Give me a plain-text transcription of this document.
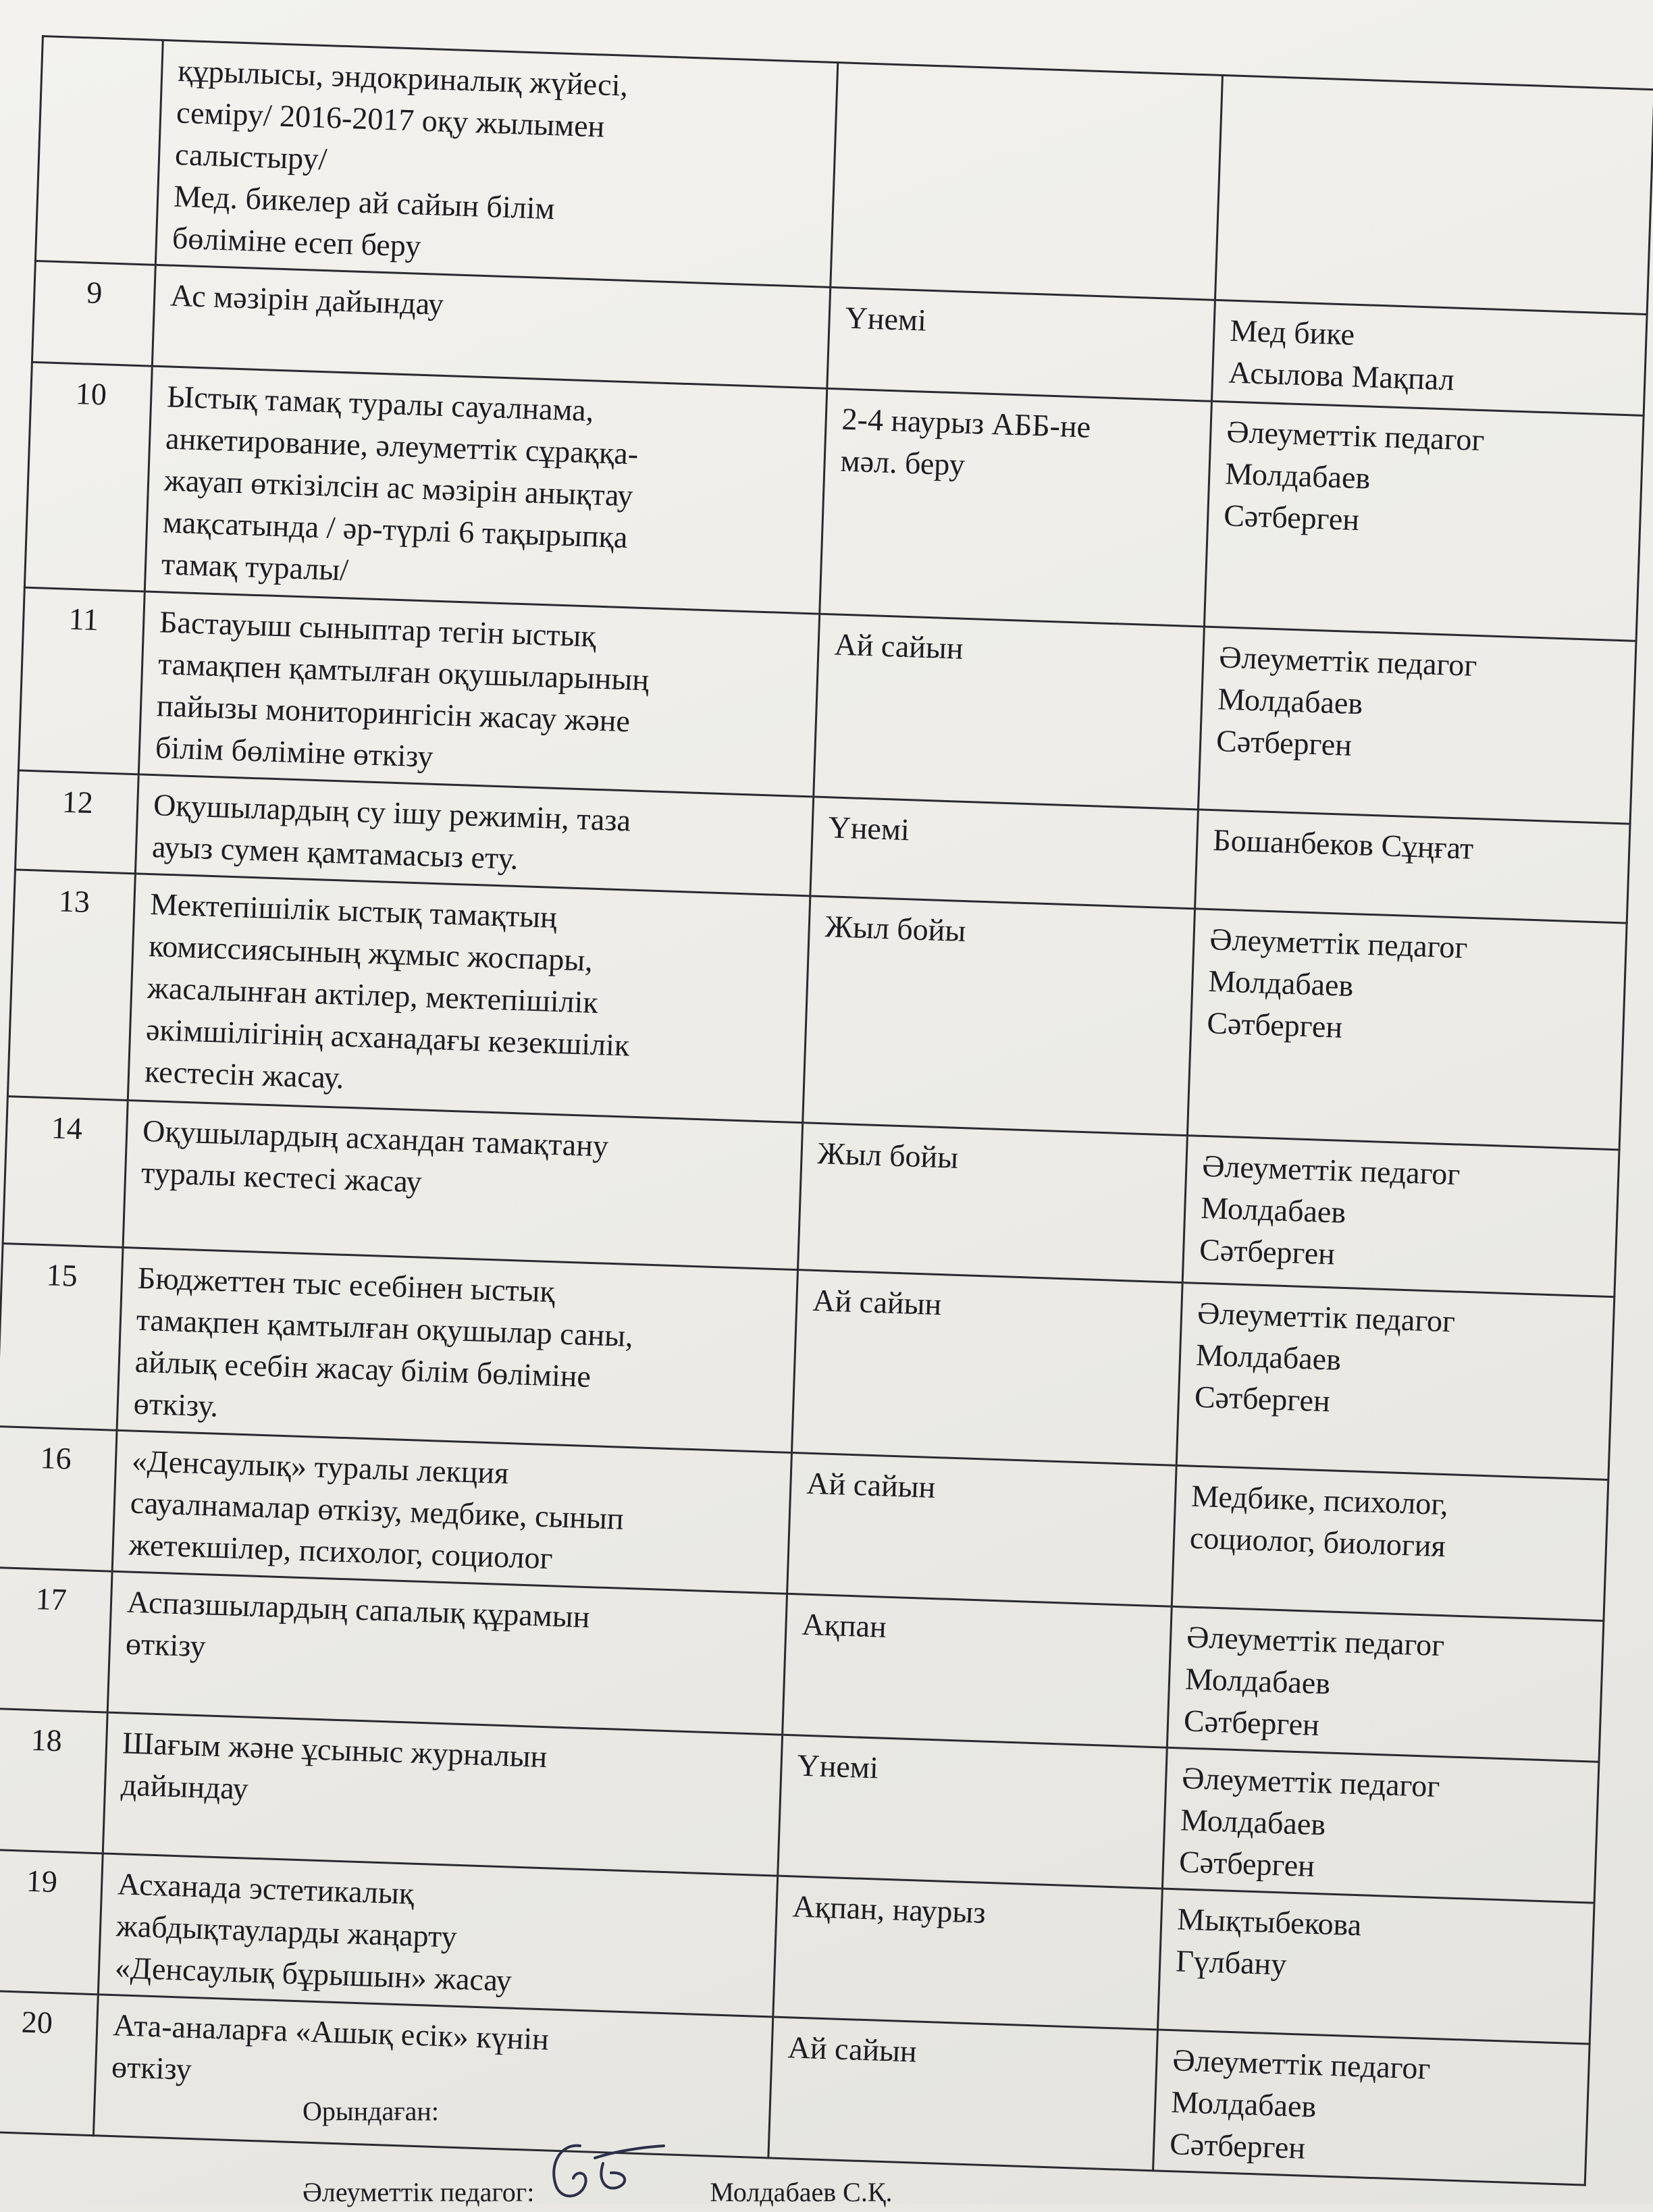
	құрылысы, эндокриналық жүйесі,
семіру/ 2016-2017 оқу жылымен
салыстыру/
Мед. бикелер ай сайын білім
бөліміне есеп беру		
9	Ас мәзірін дайындау	Үнемі	Мед бике
Асылова Мақпал
10	Ыстық тамақ туралы сауалнама,
анкетирование, әлеуметтік сұраққа-
жауап өткізілсін ас мәзірін анықтау
мақсатында / әр-түрлі 6 тақырыпқа
тамақ туралы/	2-4 наурыз АББ-не
мәл. беру	Әлеуметтік педагог
Молдабаев
Сәтберген
11	Бастауыш сыныптар тегін ыстық
тамақпен қамтылған оқушыларының
пайызы мониторингісін жасау және
білім бөліміне өткізу	Ай сайын	Әлеуметтік педагог
Молдабаев
Сәтберген
12	Оқушылардың су ішу режимін, таза
ауыз сумен қамтамасыз ету.	Үнемі	Бошанбеков Сұңғат
13	Мектепішілік ыстық тамақтың
комиссиясының жұмыс жоспары,
жасалынған актілер, мектепішілік
әкімшілігінің асханадағы кезекшілік
кестесін жасау.	Жыл бойы	Әлеуметтік педагог
Молдабаев
Сәтберген
14	Оқушылардың асхандан тамақтану
туралы кестесі жасау	Жыл бойы	Әлеуметтік педагог
Молдабаев
Сәтберген
15	Бюджеттен тыс есебінен ыстық
тамақпен қамтылған оқушылар саны,
айлық есебін жасау білім бөліміне
өткізу.	Ай сайын	Әлеуметтік педагог
Молдабаев
Сәтберген
16	«Денсаулық» туралы лекция
сауалнамалар өткізу, медбике, сынып
жетекшілер, психолог, социолог	Ай сайын	Медбике, психолог,
социолог, биология
17	Аспазшылардың сапалық құрамын
өткізу	Ақпан	Әлеуметтік педагог
Молдабаев
Сәтберген
18	Шағым және ұсыныс журналын
дайындау	Үнемі	Әлеуметтік педагог
Молдабаев
Сәтберген
19	Асханада эстетикалық
жабдықтауларды жаңарту
«Денсаулық бұрышын» жасау	Ақпан, наурыз	Мықтыбекова
Гүлбану
20	Ата-аналарға «Ашық есік» күнін
өткізу	Ай сайын	Әлеуметтік педагог
Молдабаев
Сәтберген
Орындаған:
Әлеуметтік педагог:	Молдабаев С.Қ.
